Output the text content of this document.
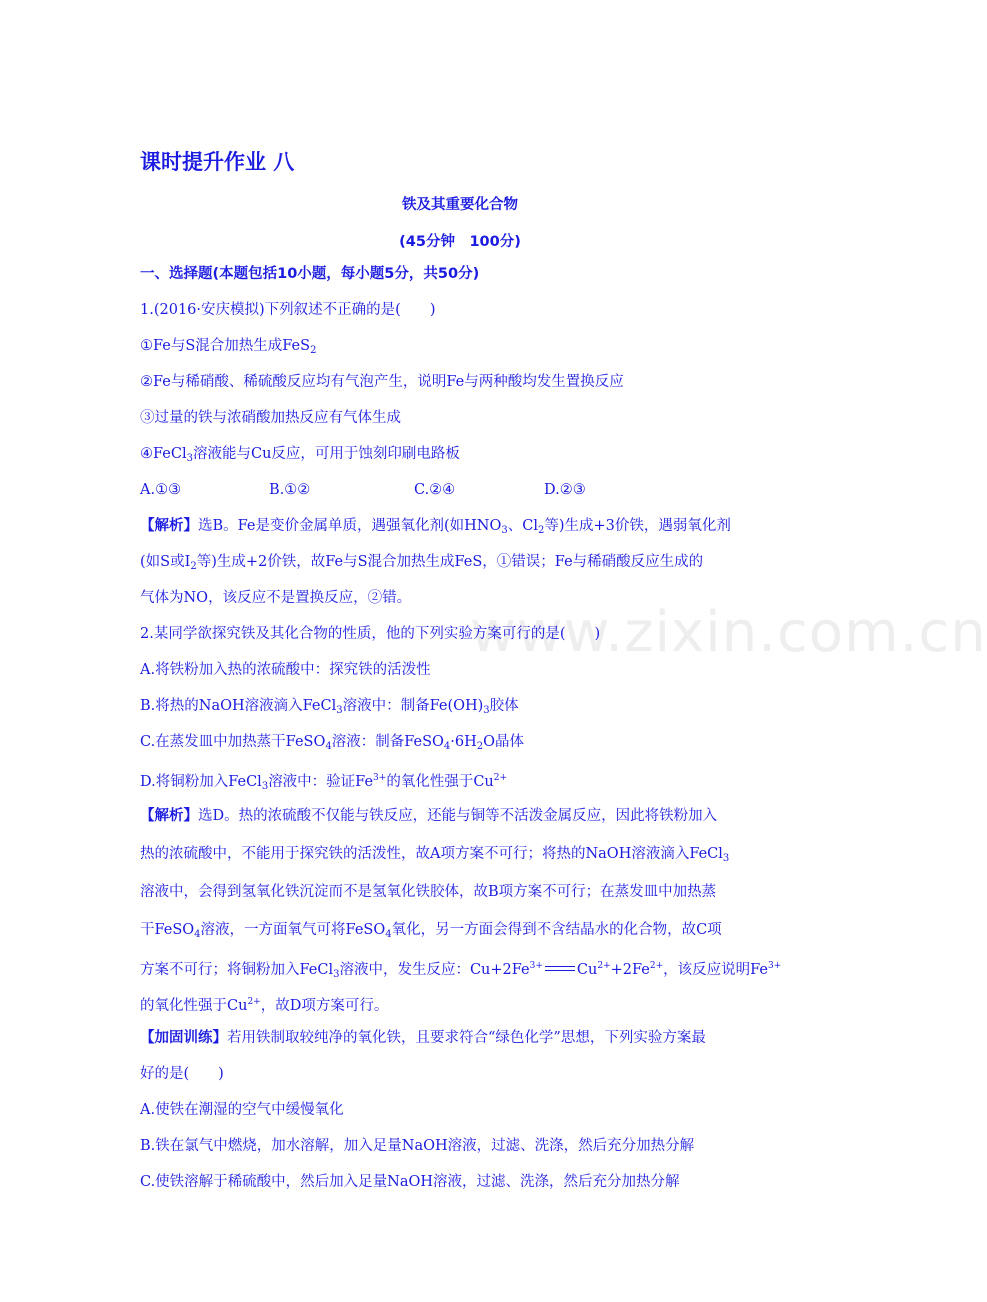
www.zixin.com.cn
课时提升作业 八
铁及其重要化合物
(45分钟　100分)
一、选择题(本题包括10小题，每小题5分，共50分)
1.(2016·安庆模拟)下列叙述不正确的是(　　)
①Fe与S混合加热生成FeS$_2$
②Fe与稀硝酸、稀硫酸反应均有气泡产生，说明Fe与两种酸均发生置换反应
③过量的铁与浓硝酸加热反应有气体生成
④FeCl$_3$溶液能与Cu反应，可用于蚀刻印刷电路板
A.①③	B.①②	C.②④	D.②③
【解析】选B。Fe是变价金属单质，遇强氧化剂(如$HNO_3$、$Cl_2$等)生成+3价铁，遇弱氧化剂
(如S或$I_2$等)生成+2价铁，故Fe与S混合加热生成FeS，①错误；Fe与稀硝酸反应生成的
气体为NO，该反应不是置换反应，②错。
2.某同学欲探究铁及其化合物的性质，他的下列实验方案可行的是(　　)
A.将铁粉加入热的浓硫酸中：探究铁的活泼性
B.将热的NaOH溶液滴入FeCl$_3$溶液中：制备$Fe(OH)_3$胶体
C.在蒸发皿中加热蒸干FeSO$_4$溶液：制备$FeSO_4\cdot 6H_2O$晶体
D.将铜粉加入FeCl$_3$溶液中：验证$Fe^{3+}$的氧化性强于$Cu^{2+}$
【解析】选D。热的浓硫酸不仅能与铁反应，还能与铜等不活泼金属反应，因此将铁粉加入
热的浓硫酸中，不能用于探究铁的活泼性，故A项方案不可行；将热的NaOH溶液滴入FeCl$_3$
溶液中，会得到氢氧化铁沉淀而不是氢氧化铁胶体，故B项方案不可行；在蒸发皿中加热蒸
干FeSO$_4$溶液，一方面氧气可将FeSO$_4$氧化，另一方面会得到不含结晶水的化合物，故C项
方案不可行；将铜粉加入FeCl$_3$溶液中，发生反应：$Cu+2Fe^{3+}$ $Cu^{2+}+2Fe^{2+}$，该反应说明$Fe^{3+}$
的氧化性强于$Cu^{2+}$，故D项方案可行。
【加固训练】若用铁制取较纯净的氧化铁，且要求符合“绿色化学”思想，下列实验方案最
好的是(　　)
A.使铁在潮湿的空气中缓慢氧化
B.铁在氯气中燃烧，加水溶解，加入足量NaOH溶液，过滤、洗涤，然后充分加热分解
C.使铁溶解于稀硫酸中，然后加入足量NaOH溶液，过滤、洗涤，然后充分加热分解
